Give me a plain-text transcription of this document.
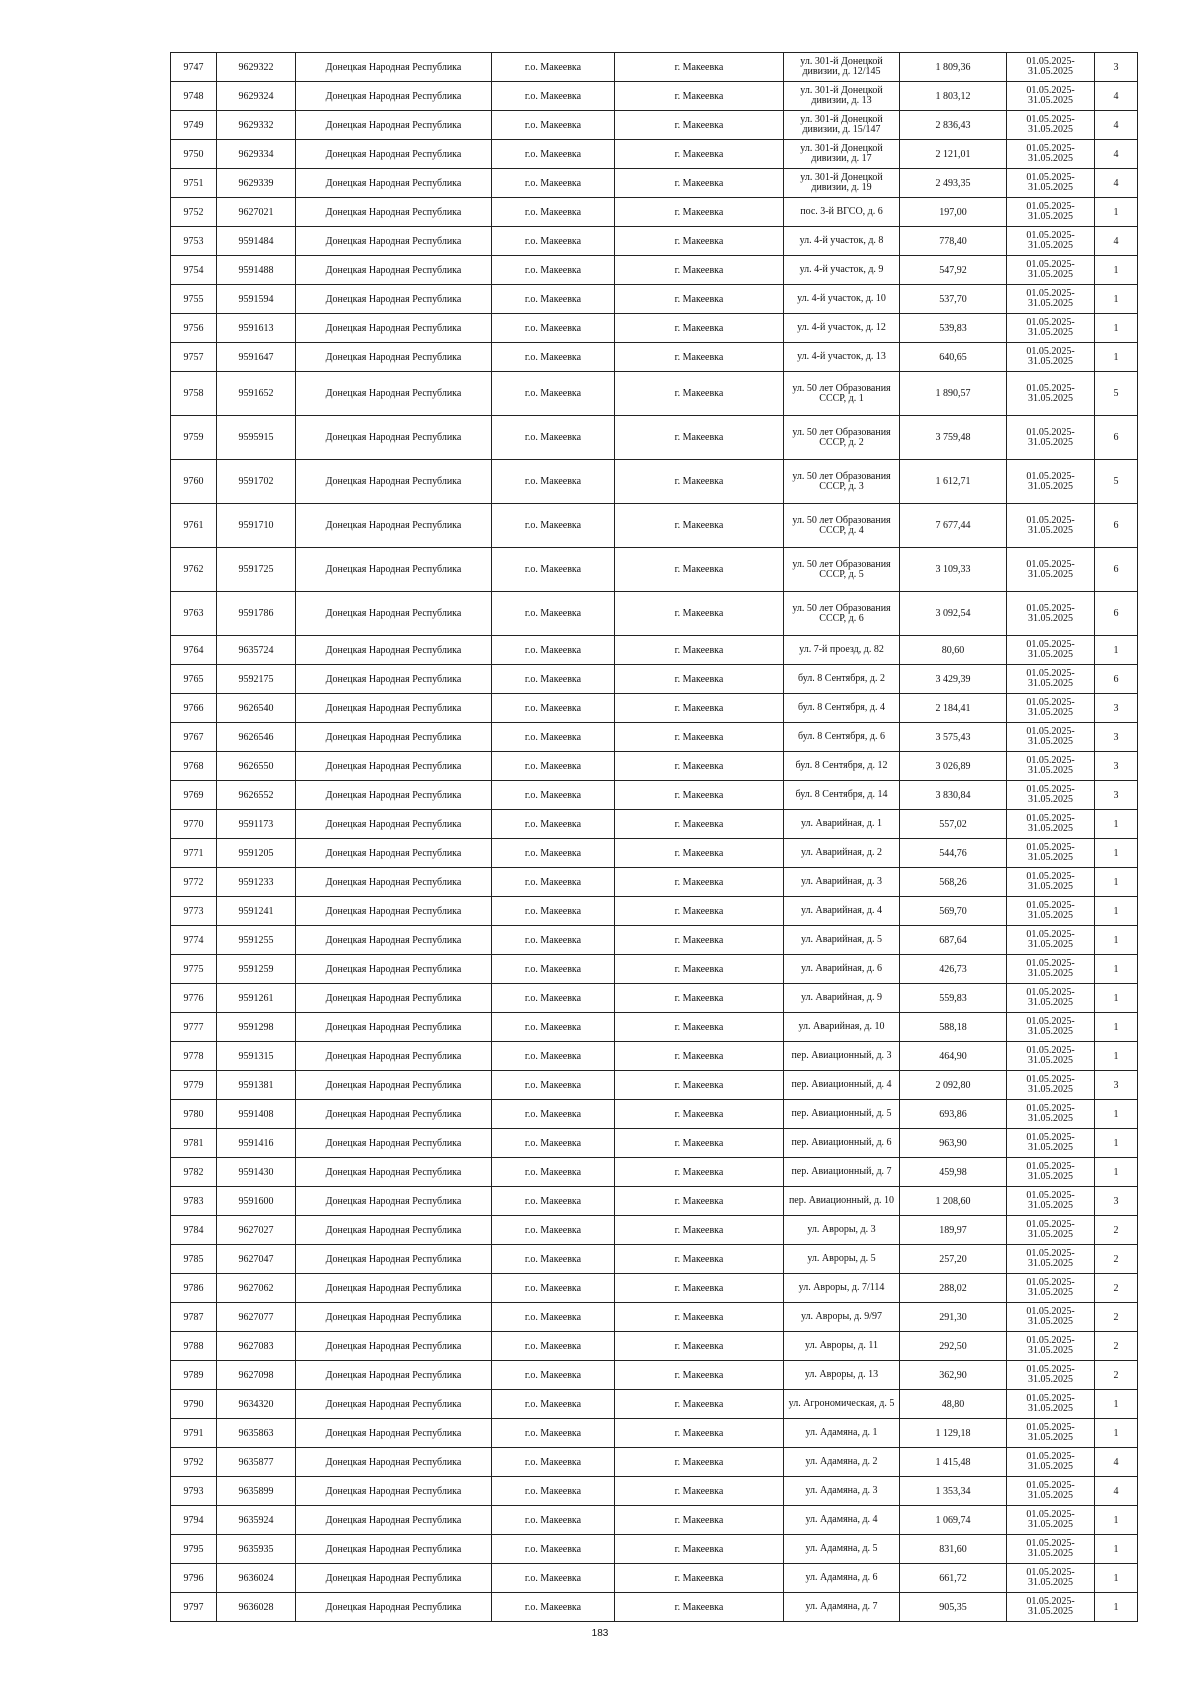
9747	9629322	Донецкая Народная Республика	г.о. Макеевка	г. Макеевка	ул. 301-й Донецкой дивизии, д. 12/145	1 809,36	01.05.2025-31.05.2025	3
9748	9629324	Донецкая Народная Республика	г.о. Макеевка	г. Макеевка	ул. 301-й Донецкой дивизии, д. 13	1 803,12	01.05.2025-31.05.2025	4
9749	9629332	Донецкая Народная Республика	г.о. Макеевка	г. Макеевка	ул. 301-й Донецкой дивизии, д. 15/147	2 836,43	01.05.2025-31.05.2025	4
9750	9629334	Донецкая Народная Республика	г.о. Макеевка	г. Макеевка	ул. 301-й Донецкой дивизии, д. 17	2 121,01	01.05.2025-31.05.2025	4
9751	9629339	Донецкая Народная Республика	г.о. Макеевка	г. Макеевка	ул. 301-й Донецкой дивизии, д. 19	2 493,35	01.05.2025-31.05.2025	4
9752	9627021	Донецкая Народная Республика	г.о. Макеевка	г. Макеевка	пос. 3-й ВГСО, д. 6	197,00	01.05.2025-31.05.2025	1
9753	9591484	Донецкая Народная Республика	г.о. Макеевка	г. Макеевка	ул. 4-й участок, д. 8	778,40	01.05.2025-31.05.2025	4
9754	9591488	Донецкая Народная Республика	г.о. Макеевка	г. Макеевка	ул. 4-й участок, д. 9	547,92	01.05.2025-31.05.2025	1
9755	9591594	Донецкая Народная Республика	г.о. Макеевка	г. Макеевка	ул. 4-й участок, д. 10	537,70	01.05.2025-31.05.2025	1
9756	9591613	Донецкая Народная Республика	г.о. Макеевка	г. Макеевка	ул. 4-й участок, д. 12	539,83	01.05.2025-31.05.2025	1
9757	9591647	Донецкая Народная Республика	г.о. Макеевка	г. Макеевка	ул. 4-й участок, д. 13	640,65	01.05.2025-31.05.2025	1
9758	9591652	Донецкая Народная Республика	г.о. Макеевка	г. Макеевка	ул. 50 лет Образования СССР, д. 1	1 890,57	01.05.2025-31.05.2025	5
9759	9595915	Донецкая Народная Республика	г.о. Макеевка	г. Макеевка	ул. 50 лет Образования СССР, д. 2	3 759,48	01.05.2025-31.05.2025	6
9760	9591702	Донецкая Народная Республика	г.о. Макеевка	г. Макеевка	ул. 50 лет Образования СССР, д. 3	1 612,71	01.05.2025-31.05.2025	5
9761	9591710	Донецкая Народная Республика	г.о. Макеевка	г. Макеевка	ул. 50 лет Образования СССР, д. 4	7 677,44	01.05.2025-31.05.2025	6
9762	9591725	Донецкая Народная Республика	г.о. Макеевка	г. Макеевка	ул. 50 лет Образования СССР, д. 5	3 109,33	01.05.2025-31.05.2025	6
9763	9591786	Донецкая Народная Республика	г.о. Макеевка	г. Макеевка	ул. 50 лет Образования СССР, д. 6	3 092,54	01.05.2025-31.05.2025	6
9764	9635724	Донецкая Народная Республика	г.о. Макеевка	г. Макеевка	ул. 7-й проезд, д. 82	80,60	01.05.2025-31.05.2025	1
9765	9592175	Донецкая Народная Республика	г.о. Макеевка	г. Макеевка	бул. 8 Сентября, д. 2	3 429,39	01.05.2025-31.05.2025	6
9766	9626540	Донецкая Народная Республика	г.о. Макеевка	г. Макеевка	бул. 8 Сентября, д. 4	2 184,41	01.05.2025-31.05.2025	3
9767	9626546	Донецкая Народная Республика	г.о. Макеевка	г. Макеевка	бул. 8 Сентября, д. 6	3 575,43	01.05.2025-31.05.2025	3
9768	9626550	Донецкая Народная Республика	г.о. Макеевка	г. Макеевка	бул. 8 Сентября, д. 12	3 026,89	01.05.2025-31.05.2025	3
9769	9626552	Донецкая Народная Республика	г.о. Макеевка	г. Макеевка	бул. 8 Сентября, д. 14	3 830,84	01.05.2025-31.05.2025	3
9770	9591173	Донецкая Народная Республика	г.о. Макеевка	г. Макеевка	ул. Аварийная, д. 1	557,02	01.05.2025-31.05.2025	1
9771	9591205	Донецкая Народная Республика	г.о. Макеевка	г. Макеевка	ул. Аварийная, д. 2	544,76	01.05.2025-31.05.2025	1
9772	9591233	Донецкая Народная Республика	г.о. Макеевка	г. Макеевка	ул. Аварийная, д. 3	568,26	01.05.2025-31.05.2025	1
9773	9591241	Донецкая Народная Республика	г.о. Макеевка	г. Макеевка	ул. Аварийная, д. 4	569,70	01.05.2025-31.05.2025	1
9774	9591255	Донецкая Народная Республика	г.о. Макеевка	г. Макеевка	ул. Аварийная, д. 5	687,64	01.05.2025-31.05.2025	1
9775	9591259	Донецкая Народная Республика	г.о. Макеевка	г. Макеевка	ул. Аварийная, д. 6	426,73	01.05.2025-31.05.2025	1
9776	9591261	Донецкая Народная Республика	г.о. Макеевка	г. Макеевка	ул. Аварийная, д. 9	559,83	01.05.2025-31.05.2025	1
9777	9591298	Донецкая Народная Республика	г.о. Макеевка	г. Макеевка	ул. Аварийная, д. 10	588,18	01.05.2025-31.05.2025	1
9778	9591315	Донецкая Народная Республика	г.о. Макеевка	г. Макеевка	пер. Авиационный, д. 3	464,90	01.05.2025-31.05.2025	1
9779	9591381	Донецкая Народная Республика	г.о. Макеевка	г. Макеевка	пер. Авиационный, д. 4	2 092,80	01.05.2025-31.05.2025	3
9780	9591408	Донецкая Народная Республика	г.о. Макеевка	г. Макеевка	пер. Авиационный, д. 5	693,86	01.05.2025-31.05.2025	1
9781	9591416	Донецкая Народная Республика	г.о. Макеевка	г. Макеевка	пер. Авиационный, д. 6	963,90	01.05.2025-31.05.2025	1
9782	9591430	Донецкая Народная Республика	г.о. Макеевка	г. Макеевка	пер. Авиационный, д. 7	459,98	01.05.2025-31.05.2025	1
9783	9591600	Донецкая Народная Республика	г.о. Макеевка	г. Макеевка	пер. Авиационный, д. 10	1 208,60	01.05.2025-31.05.2025	3
9784	9627027	Донецкая Народная Республика	г.о. Макеевка	г. Макеевка	ул. Авроры, д. 3	189,97	01.05.2025-31.05.2025	2
9785	9627047	Донецкая Народная Республика	г.о. Макеевка	г. Макеевка	ул. Авроры, д. 5	257,20	01.05.2025-31.05.2025	2
9786	9627062	Донецкая Народная Республика	г.о. Макеевка	г. Макеевка	ул. Авроры, д. 7/114	288,02	01.05.2025-31.05.2025	2
9787	9627077	Донецкая Народная Республика	г.о. Макеевка	г. Макеевка	ул. Авроры, д. 9/97	291,30	01.05.2025-31.05.2025	2
9788	9627083	Донецкая Народная Республика	г.о. Макеевка	г. Макеевка	ул. Авроры, д. 11	292,50	01.05.2025-31.05.2025	2
9789	9627098	Донецкая Народная Республика	г.о. Макеевка	г. Макеевка	ул. Авроры, д. 13	362,90	01.05.2025-31.05.2025	2
9790	9634320	Донецкая Народная Республика	г.о. Макеевка	г. Макеевка	ул. Агрономическая, д. 5	48,80	01.05.2025-31.05.2025	1
9791	9635863	Донецкая Народная Республика	г.о. Макеевка	г. Макеевка	ул. Адамяна, д. 1	1 129,18	01.05.2025-31.05.2025	1
9792	9635877	Донецкая Народная Республика	г.о. Макеевка	г. Макеевка	ул. Адамяна, д. 2	1 415,48	01.05.2025-31.05.2025	4
9793	9635899	Донецкая Народная Республика	г.о. Макеевка	г. Макеевка	ул. Адамяна, д. 3	1 353,34	01.05.2025-31.05.2025	4
9794	9635924	Донецкая Народная Республика	г.о. Макеевка	г. Макеевка	ул. Адамяна, д. 4	1 069,74	01.05.2025-31.05.2025	1
9795	9635935	Донецкая Народная Республика	г.о. Макеевка	г. Макеевка	ул. Адамяна, д. 5	831,60	01.05.2025-31.05.2025	1
9796	9636024	Донецкая Народная Республика	г.о. Макеевка	г. Макеевка	ул. Адамяна, д. 6	661,72	01.05.2025-31.05.2025	1
9797	9636028	Донецкая Народная Республика	г.о. Макеевка	г. Макеевка	ул. Адамяна, д. 7	905,35	01.05.2025-31.05.2025	1
183
